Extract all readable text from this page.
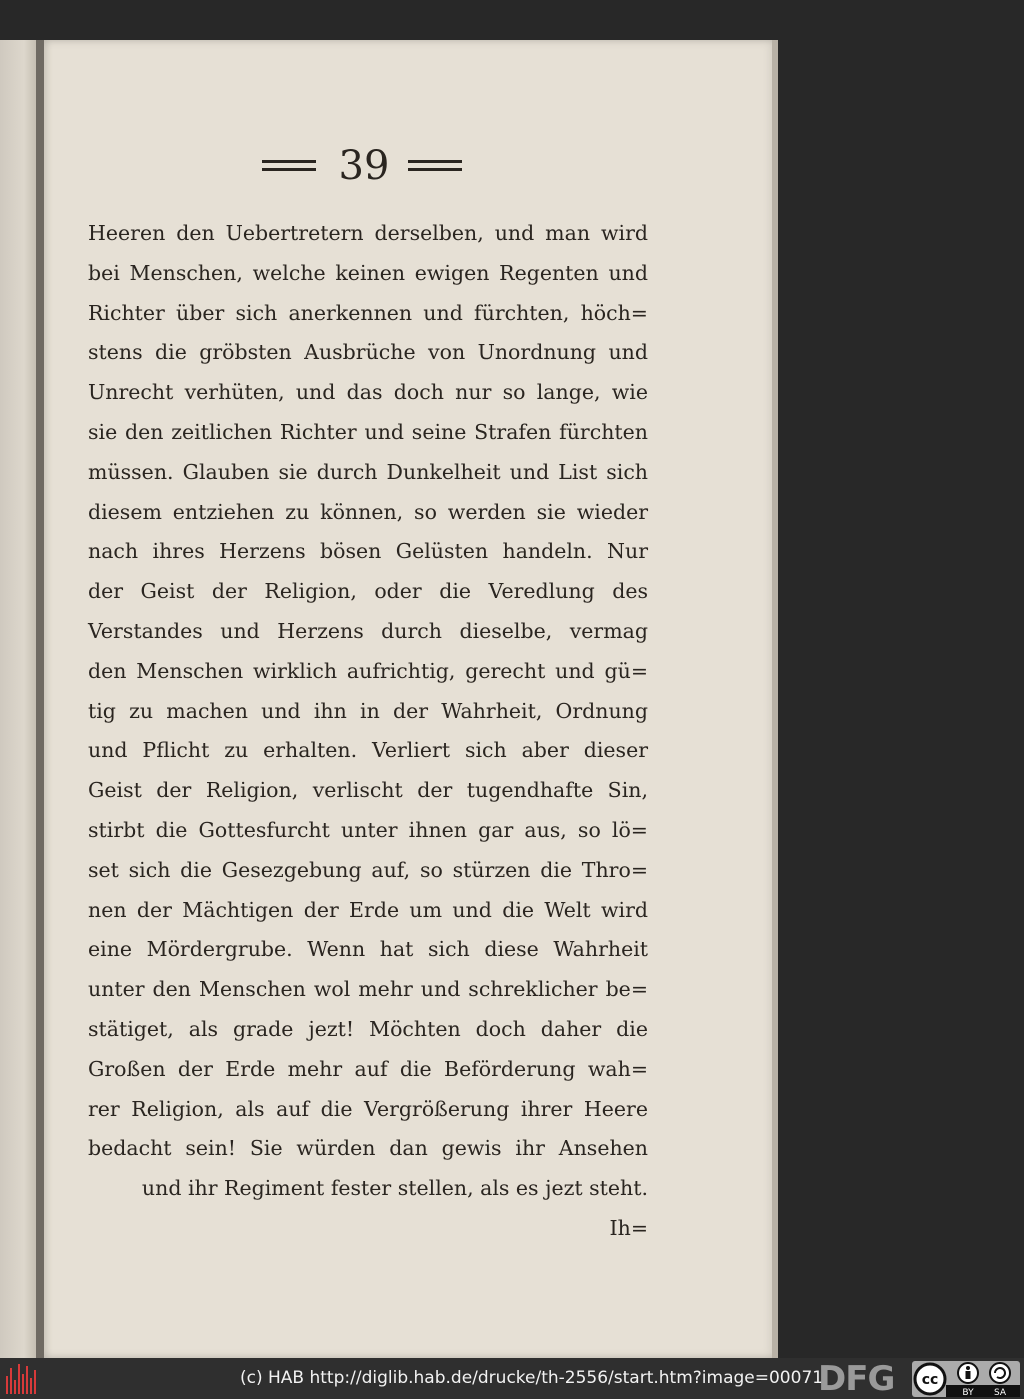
39
Heeren den Uebertretern derselben, und man wird
bei Menschen, welche keinen ewigen Regenten und
Richter über sich anerkennen und fürchten, höch=
stens die gröbsten Ausbrüche von Unordnung und
Unrecht verhüten, und das doch nur so lange, wie
sie den zeitlichen Richter und seine Strafen fürchten
müssen. Glauben sie durch Dunkelheit und List sich
diesem entziehen zu können, so werden sie wieder
nach ihres Herzens bösen Gelüsten handeln. Nur
der Geist der Religion, oder die Veredlung des
Verstandes und Herzens durch dieselbe, vermag
den Menschen wirklich aufrichtig, gerecht und gü=
tig zu machen und ihn in der Wahrheit, Ordnung
und Pflicht zu erhalten. Verliert sich aber dieser
Geist der Religion, verlischt der tugendhafte Sin,
stirbt die Gottesfurcht unter ihnen gar aus, so lö=
set sich die Gesezgebung auf, so stürzen die Thro=
nen der Mächtigen der Erde um und die Welt wird
eine Mördergrube. Wenn hat sich diese Wahrheit
unter den Menschen wol mehr und schreklicher be=
stätiget, als grade jezt! Möchten doch daher die
Großen der Erde mehr auf die Beförderung wah=
rer Religion, als auf die Vergrößerung ihrer Heere
bedacht sein! Sie würden dan gewis ihr Ansehen
und ihr Regiment fester stellen, als es jezt steht.
Ih=
(c) HAB http://diglib.hab.de/drucke/th-2556/start.htm?image=00071
DFG cc
BY SA
